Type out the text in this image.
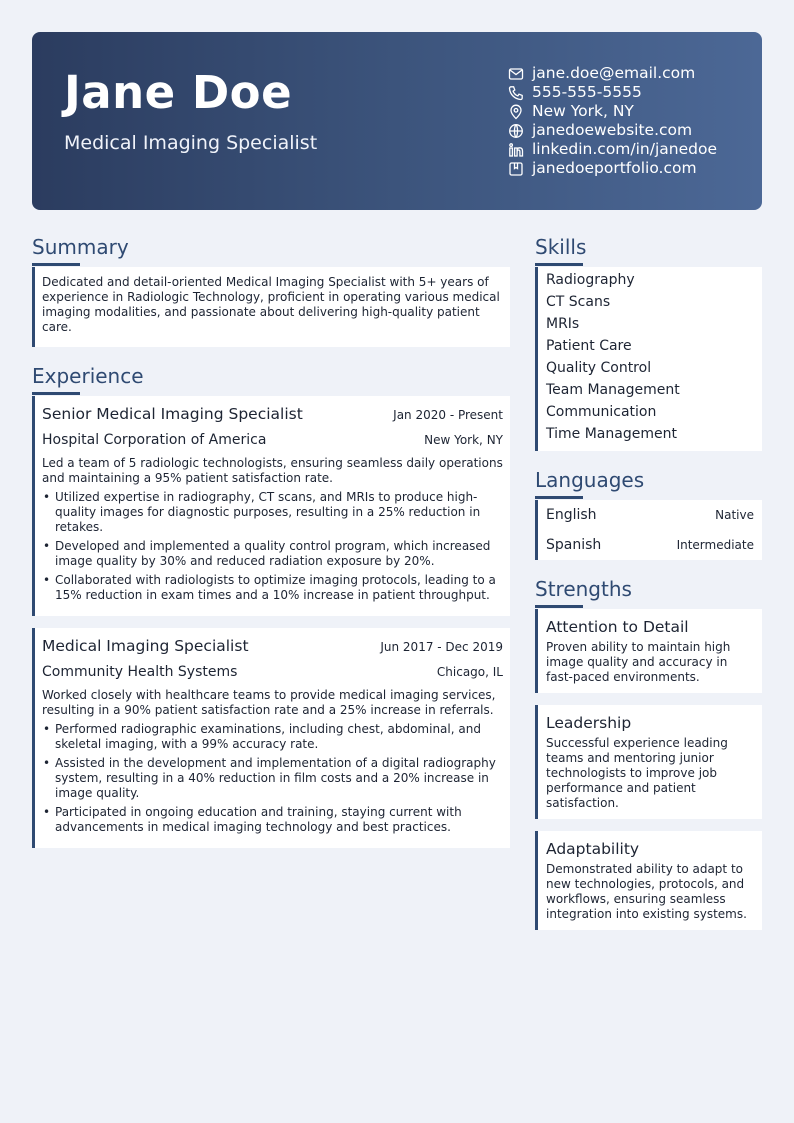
Jane Doe
Medical Imaging Specialist
jane.doe@email.com
555-555-5555
New York, NY
janedoewebsite.com
linkedin.com/in/janedoe
janedoeportfolio.com
Summary
Dedicated and detail-oriented Medical Imaging Specialist with 5+ years of experience in Radiologic Technology, proficient in operating various medical imaging modalities, and passionate about delivering high-quality patient care.
Experience
Senior Medical Imaging Specialist	Jan 2020 - Present
Hospital Corporation of America	New York, NY
Led a team of 5 radiologic technologists, ensuring seamless daily operations and maintaining a 95% patient satisfaction rate.
• Utilized expertise in radiography, CT scans, and MRIs to produce high-quality images for diagnostic purposes, resulting in a 25% reduction in retakes.
• Developed and implemented a quality control program, which increased image quality by 30% and reduced radiation exposure by 20%.
• Collaborated with radiologists to optimize imaging protocols, leading to a 15% reduction in exam times and a 10% increase in patient throughput.
Medical Imaging Specialist	Jun 2017 - Dec 2019
Community Health Systems	Chicago, IL
Worked closely with healthcare teams to provide medical imaging services, resulting in a 90% patient satisfaction rate and a 25% increase in referrals.
• Performed radiographic examinations, including chest, abdominal, and skeletal imaging, with a 99% accuracy rate.
• Assisted in the development and implementation of a digital radiography system, resulting in a 40% reduction in film costs and a 20% increase in image quality.
• Participated in ongoing education and training, staying current with advancements in medical imaging technology and best practices.
Skills
Radiography
CT Scans
MRIs
Patient Care
Quality Control
Team Management
Communication
Time Management
Languages
English	Native
Spanish	Intermediate
Strengths
Attention to Detail
Proven ability to maintain high image quality and accuracy in fast-paced environments.
Leadership
Successful experience leading teams and mentoring junior technologists to improve job performance and patient satisfaction.
Adaptability
Demonstrated ability to adapt to new technologies, protocols, and workflows, ensuring seamless integration into existing systems.
